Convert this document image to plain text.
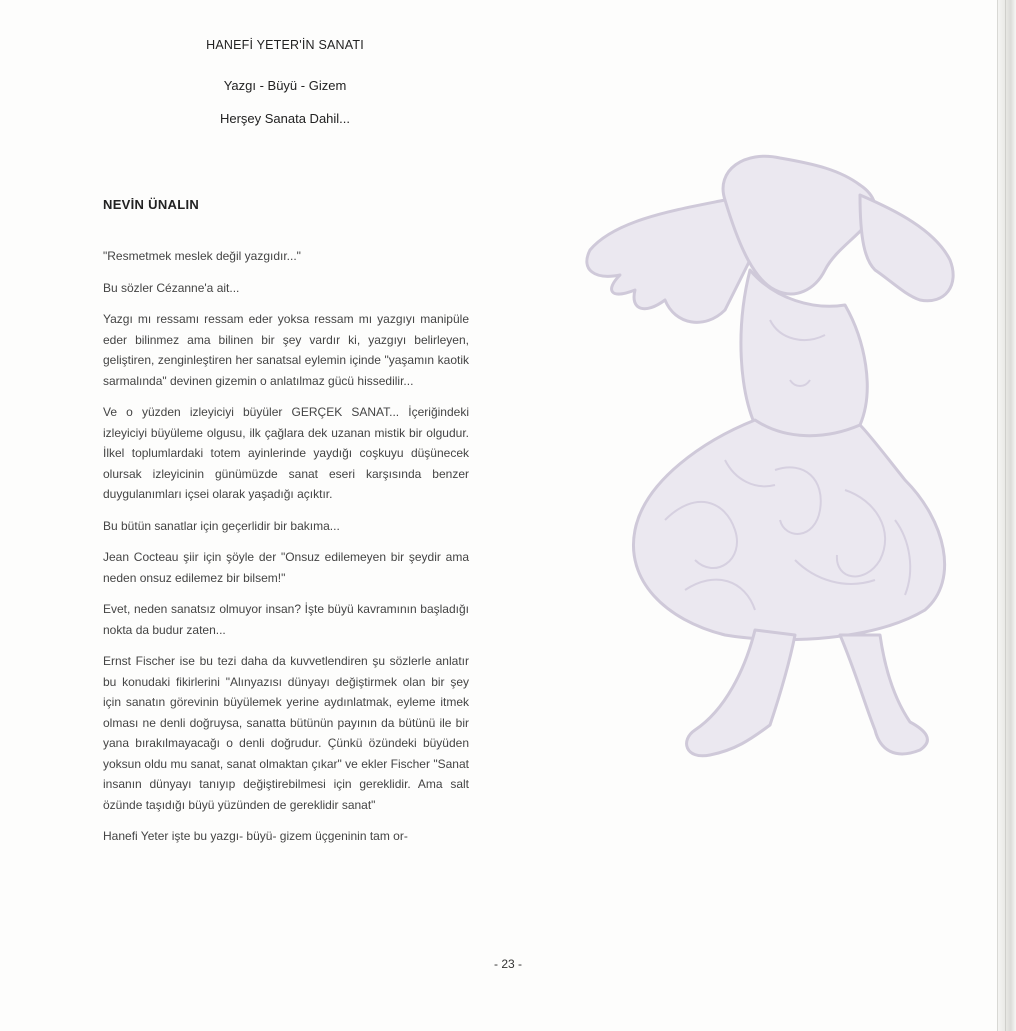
HANEFİ YETER'İN SANATI
Yazgı - Büyü - Gizem
Herşey Sanata Dahil...
NEVİN ÜNALIN

"Resmetmek meslek değil yazgıdır..."

Bu sözler Cézanne'a ait...

Yazgı mı ressamı ressam eder yoksa ressam mı yazgıyı manipüle eder bilinmez ama bilinen bir şey vardır ki, yazgıyı belirleyen, geliştiren, zenginleştiren her sanatsal eylemin içinde "yaşamın kaotik sarmalında" devinen gizemin o anlatılmaz gücü hissedilir...

Ve o yüzden izleyiciyi büyüler GERÇEK SANAT... İçeriğindeki izleyiciyi büyüleme olgusu, ilk çağlara dek uzanan mistik bir olgudur. İlkel toplumlardaki totem ayinlerinde yaydığı coşkuyu düşünecek olursak izleyicinin günümüzde sanat eseri karşısında benzer duygulanımları içsei olarak yaşadığı açıktır.

Bu bütün sanatlar için geçerlidir bir bakıma...

Jean Cocteau şiir için şöyle der "Onsuz edilemeyen bir şeydir ama neden onsuz edilemez bir bilsem!"

Evet, neden sanatsız olmuyor insan? İşte büyü kavramının başladığı nokta da budur zaten...

Ernst Fischer ise bu tezi daha da kuvvetlendiren şu sözlerle anlatır bu konudaki fikirlerini "Alınyazısı dünyayı değiştirmek olan bir şey için sanatın görevinin büyülemek yerine aydınlatmak, eyleme itmek olması ne denli doğruysa, sanatta bütünün payının da bütünü ile bir yana bırakılmayacağı o denli doğrudur. Çünkü özündeki büyüden yoksun oldu mu sanat, sanat olmaktan çıkar" ve ekler Fischer "Sanat insanın dünyayı tanıyıp değiştirebilmesi için gereklidir. Ama salt özünde taşıdığı büyü yüzünden de gereklidir sanat"

Hanefi Yeter işte bu yazgı- büyü- gizem üçgeninin tam or-

- 23 -
